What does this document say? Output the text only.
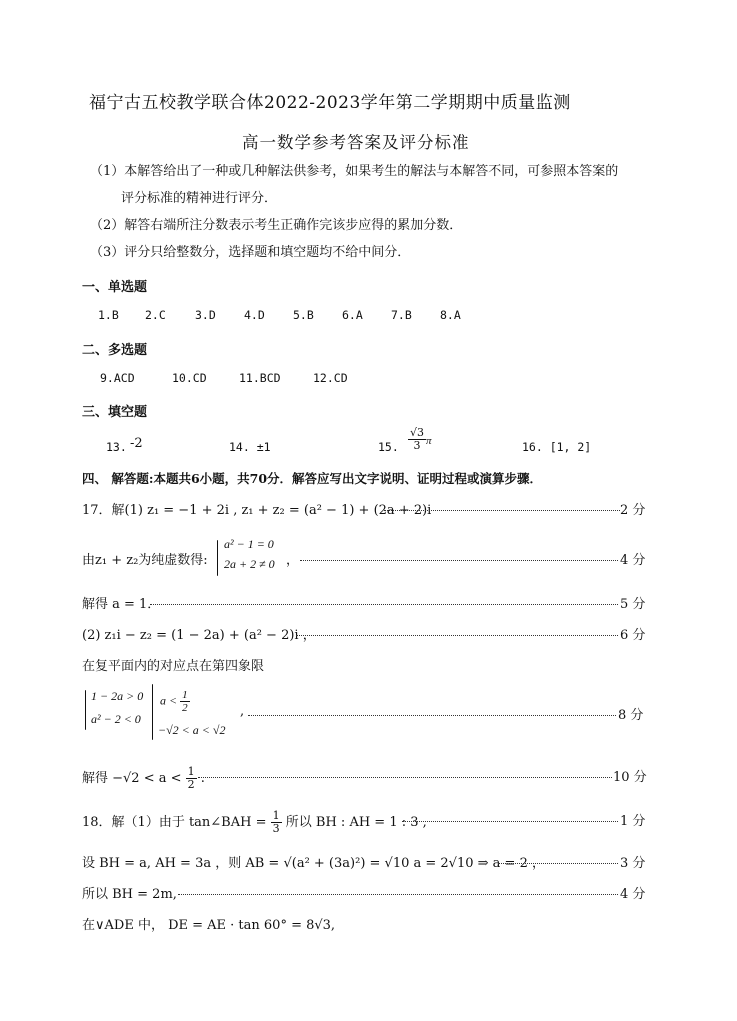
福宁古五校教学联合体2022-2023学年第二学期期中质量监测
高一数学参考答案及评分标准
（1）本解答给出了一种或几种解法供参考，如果考生的解法与本解答不同，可参照本答案的
评分标准的精神进行评分．
（2）解答右端所注分数表示考生正确作完该步应得的累加分数．
（3）评分只给整数分，选择题和填空题均不给中间分．
一、单选题
1.B 2.C	3.D 4.D 5.B 6.A 7.B 8.A
二、多选题
9.ACD	10.CD	11.BCD	12.CD
三、填空题
13. -2	14. ±1	15. $\frac{√3}{3}$ π	16. [1, 2]
四、 解答题:本题共6小题，共70分．解答应写出文字说明、证明过程或演算步骤．
17．解(1) z₁ = −1 + 2i , z₁ + z₂ = (a² − 1) + (2a + 2)i	2 分
由z₁ + z₂为纯虚数得:
a² − 1 = 0
2a + 2 ≠ 0 ，	4 分
解得 a = 1．	5 分
(2) z₁i − z₂ = (1 − 2a) + (a² − 2)i ，	6 分
在复平面内的对应点在第四象限
1 − 2a > 0
a² − 2 < 0
$a < \frac{1}{2}$
−√2 < a < √2
,	8 分
解得 $-√2 < a < \frac{1}{2}$ .	10 分
18．解（1）由于 tan∠BAH = $\frac{1}{3}$ 所以 BH : AH = 1 : 3 ,	1 分
设 BH = a, AH = 3a ，则 AB = √(a² + (3a)²) = √10 a = 2√10 ⇒ a = 2 ，	3 分
所以 BH = 2m,	4 分
在∨ADE 中， DE = AE · tan 60° = 8√3,
